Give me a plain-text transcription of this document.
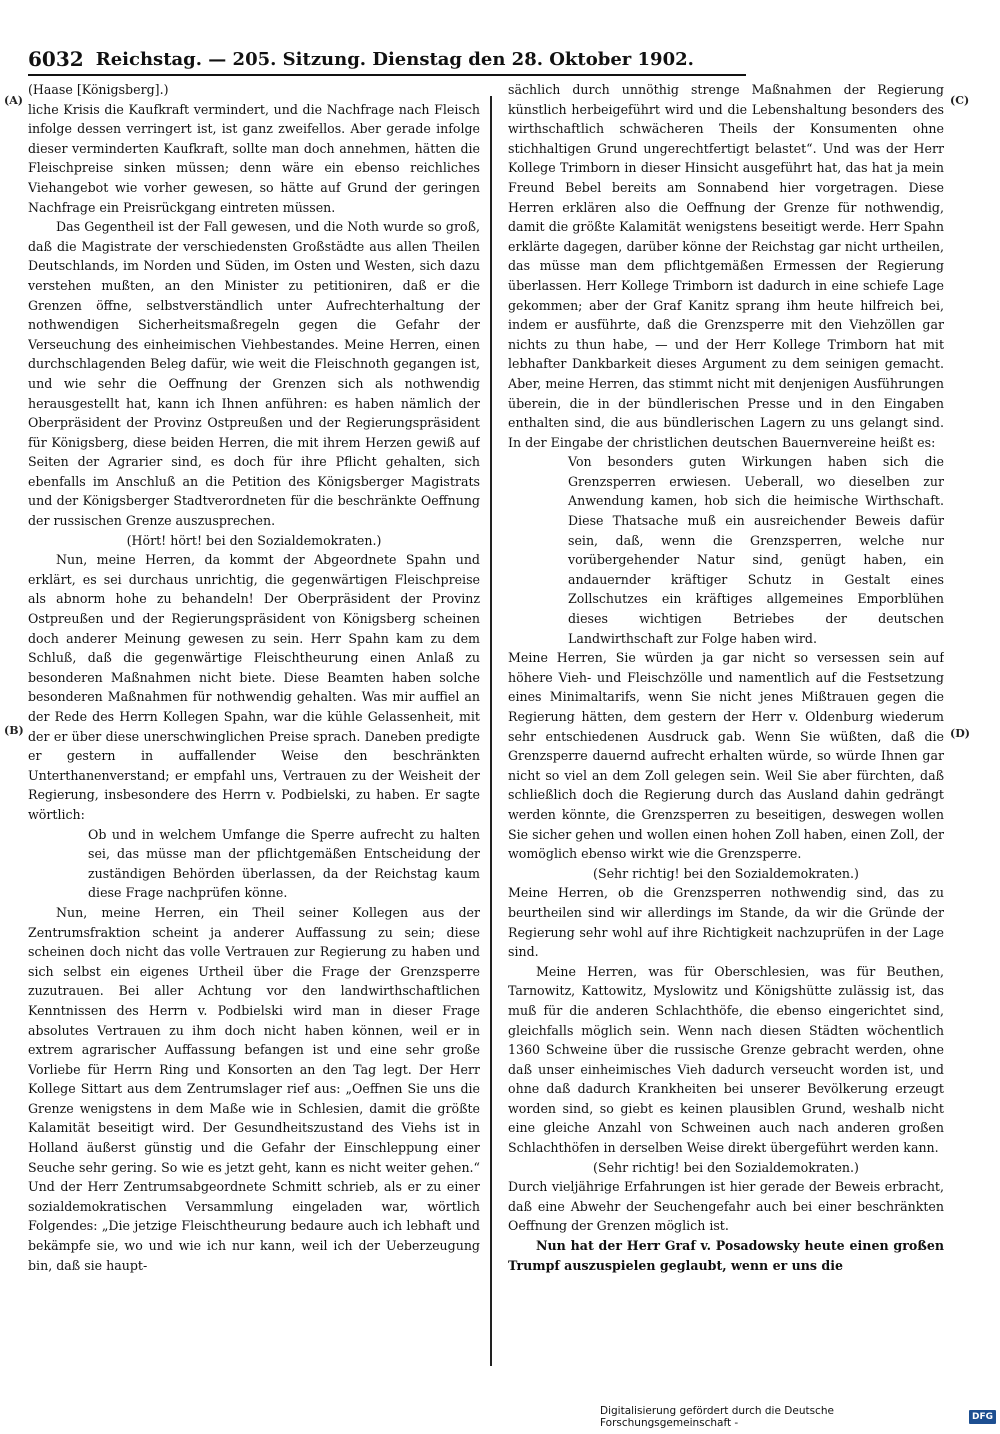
6032 Reichstag. — 205. Sitzung. Dienstag den 28. Oktober 1902.
(A)
(B)
(C)
(D)

(Haase [Königsberg].)

liche Krisis die Kaufkraft vermindert, und die Nachfrage nach Fleisch infolge dessen verringert ist, ist ganz zweifellos. Aber gerade infolge dieser verminderten Kaufkraft, sollte man doch annehmen, hätten die Fleischpreise sinken müssen; denn wäre ein ebenso reichliches Viehangebot wie vorher gewesen, so hätte auf Grund der geringen Nachfrage ein Preisrückgang eintreten müssen.

Das Gegentheil ist der Fall gewesen, und die Noth wurde so groß, daß die Magistrate der verschiedensten Großstädte aus allen Theilen Deutschlands, im Norden und Süden, im Osten und Westen, sich dazu verstehen mußten, an den Minister zu petitioniren, daß er die Grenzen öffne, selbstverständlich unter Aufrechterhaltung der nothwendigen Sicherheitsmaßregeln gegen die Gefahr der Verseuchung des einheimischen Viehbestandes. Meine Herren, einen durchschlagenden Beleg dafür, wie weit die Fleischnoth gegangen ist, und wie sehr die Oeffnung der Grenzen sich als nothwendig herausgestellt hat, kann ich Ihnen anführen: es haben nämlich der Oberpräsident der Provinz Ostpreußen und der Regierungspräsident für Königsberg, diese beiden Herren, die mit ihrem Herzen gewiß auf Seiten der Agrarier sind, es doch für ihre Pflicht gehalten, sich ebenfalls im Anschluß an die Petition des Königsberger Magistrats und der Königsberger Stadtverordneten für die beschränkte Oeffnung der russischen Grenze auszusprechen.

(Hört! hört! bei den Sozialdemokraten.)

Nun, meine Herren, da kommt der Abgeordnete Spahn und erklärt, es sei durchaus unrichtig, die gegenwärtigen Fleischpreise als abnorm hohe zu behandeln! Der Oberpräsident der Provinz Ostpreußen und der Regierungspräsident von Königsberg scheinen doch anderer Meinung gewesen zu sein. Herr Spahn kam zu dem Schluß, daß die gegenwärtige Fleischtheurung einen Anlaß zu besonderen Maßnahmen nicht biete. Diese Beamten haben solche besonderen Maßnahmen für nothwendig gehalten. Was mir auffiel an der Rede des Herrn Kollegen Spahn, war die kühle Gelassenheit, mit der er über diese unerschwinglichen Preise sprach. Daneben predigte er gestern in auffallender Weise den beschränkten Unterthanenverstand; er empfahl uns, Vertrauen zu der Weisheit der Regierung, insbesondere des Herrn v. Podbielski, zu haben. Er sagte wörtlich:

Ob und in welchem Umfange die Sperre aufrecht zu halten sei, das müsse man der pflichtgemäßen Entscheidung der zuständigen Behörden überlassen, da der Reichstag kaum diese Frage nachprüfen könne.

Nun, meine Herren, ein Theil seiner Kollegen aus der Zentrumsfraktion scheint ja anderer Auffassung zu sein; diese scheinen doch nicht das volle Vertrauen zur Regierung zu haben und sich selbst ein eigenes Urtheil über die Frage der Grenzsperre zuzutrauen. Bei aller Achtung vor den landwirthschaftlichen Kenntnissen des Herrn v. Podbielski wird man in dieser Frage absolutes Vertrauen zu ihm doch nicht haben können, weil er in extrem agrarischer Auffassung befangen ist und eine sehr große Vorliebe für Herrn Ring und Konsorten an den Tag legt. Der Herr Kollege Sittart aus dem Zentrumslager rief aus: „Oeffnen Sie uns die Grenze wenigstens in dem Maße wie in Schlesien, damit die größte Kalamität beseitigt wird. Der Gesundheitszustand des Viehs ist in Holland äußerst günstig und die Gefahr der Einschleppung einer Seuche sehr gering. So wie es jetzt geht, kann es nicht weiter gehen.“ Und der Herr Zentrumsabgeordnete Schmitt schrieb, als er zu einer sozialdemokratischen Versammlung eingeladen war, wörtlich Folgendes: „Die jetzige Fleischtheurung bedaure auch ich lebhaft und bekämpfe sie, wo und wie ich nur kann, weil ich der Ueberzeugung bin, daß sie haupt-

sächlich durch unnöthig strenge Maßnahmen der Regierung künstlich herbeigeführt wird und die Lebenshaltung besonders des wirthschaftlich schwächeren Theils der Konsumenten ohne stichhaltigen Grund ungerechtfertigt belastet“. Und was der Herr Kollege Trimborn in dieser Hinsicht ausgeführt hat, das hat ja mein Freund Bebel bereits am Sonnabend hier vorgetragen. Diese Herren erklären also die Oeffnung der Grenze für nothwendig, damit die größte Kalamität wenigstens beseitigt werde. Herr Spahn erklärte dagegen, darüber könne der Reichstag gar nicht urtheilen, das müsse man dem pflichtgemäßen Ermessen der Regierung überlassen. Herr Kollege Trimborn ist dadurch in eine schiefe Lage gekommen; aber der Graf Kanitz sprang ihm heute hilfreich bei, indem er ausführte, daß die Grenzsperre mit den Viehzöllen gar nichts zu thun habe, — und der Herr Kollege Trimborn hat mit lebhafter Dankbarkeit dieses Argument zu dem seinigen gemacht. Aber, meine Herren, das stimmt nicht mit denjenigen Ausführungen überein, die in der bündlerischen Presse und in den Eingaben enthalten sind, die aus bündlerischen Lagern zu uns gelangt sind. In der Eingabe der christlichen deutschen Bauernvereine heißt es:

Von besonders guten Wirkungen haben sich die Grenzsperren erwiesen. Ueberall, wo dieselben zur Anwendung kamen, hob sich die heimische Wirthschaft. Diese Thatsache muß ein ausreichender Beweis dafür sein, daß, wenn die Grenzsperren, welche nur vorübergehender Natur sind, genügt haben, ein andauernder kräftiger Schutz in Gestalt eines Zollschutzes ein kräftiges allgemeines Emporblühen dieses wichtigen Betriebes der deutschen Landwirthschaft zur Folge haben wird.

Meine Herren, Sie würden ja gar nicht so versessen sein auf höhere Vieh- und Fleischzölle und namentlich auf die Festsetzung eines Minimaltarifs, wenn Sie nicht jenes Mißtrauen gegen die Regierung hätten, dem gestern der Herr v. Oldenburg wiederum sehr entschiedenen Ausdruck gab. Wenn Sie wüßten, daß die Grenzsperre dauernd aufrecht erhalten würde, so würde Ihnen gar nicht so viel an dem Zoll gelegen sein. Weil Sie aber fürchten, daß schließlich doch die Regierung durch das Ausland dahin gedrängt werden könnte, die Grenzsperren zu beseitigen, deswegen wollen Sie sicher gehen und wollen einen hohen Zoll haben, einen Zoll, der womöglich ebenso wirkt wie die Grenzsperre.

(Sehr richtig! bei den Sozialdemokraten.)

Meine Herren, ob die Grenzsperren nothwendig sind, das zu beurtheilen sind wir allerdings im Stande, da wir die Gründe der Regierung sehr wohl auf ihre Richtigkeit nachzuprüfen in der Lage sind.

Meine Herren, was für Oberschlesien, was für Beuthen, Tarnowitz, Kattowitz, Myslowitz und Königshütte zulässig ist, das muß für die anderen Schlachthöfe, die ebenso eingerichtet sind, gleichfalls möglich sein. Wenn nach diesen Städten wöchentlich 1360 Schweine über die russische Grenze gebracht werden, ohne daß unser einheimisches Vieh dadurch verseucht worden ist, und ohne daß dadurch Krankheiten bei unserer Bevölkerung erzeugt worden sind, so giebt es keinen plausiblen Grund, weshalb nicht eine gleiche Anzahl von Schweinen auch nach anderen großen Schlachthöfen in derselben Weise direkt übergeführt werden kann.

(Sehr richtig! bei den Sozialdemokraten.)

Durch vieljährige Erfahrungen ist hier gerade der Beweis erbracht, daß eine Abwehr der Seuchengefahr auch bei einer beschränkten Oeffnung der Grenzen möglich ist.

Nun hat der Herr Graf v. Posadowsky heute einen großen Trumpf auszuspielen geglaubt, wenn er uns die

Digitalisierung gefördert durch die Deutsche Forschungsgemeinschaft -	DFG
